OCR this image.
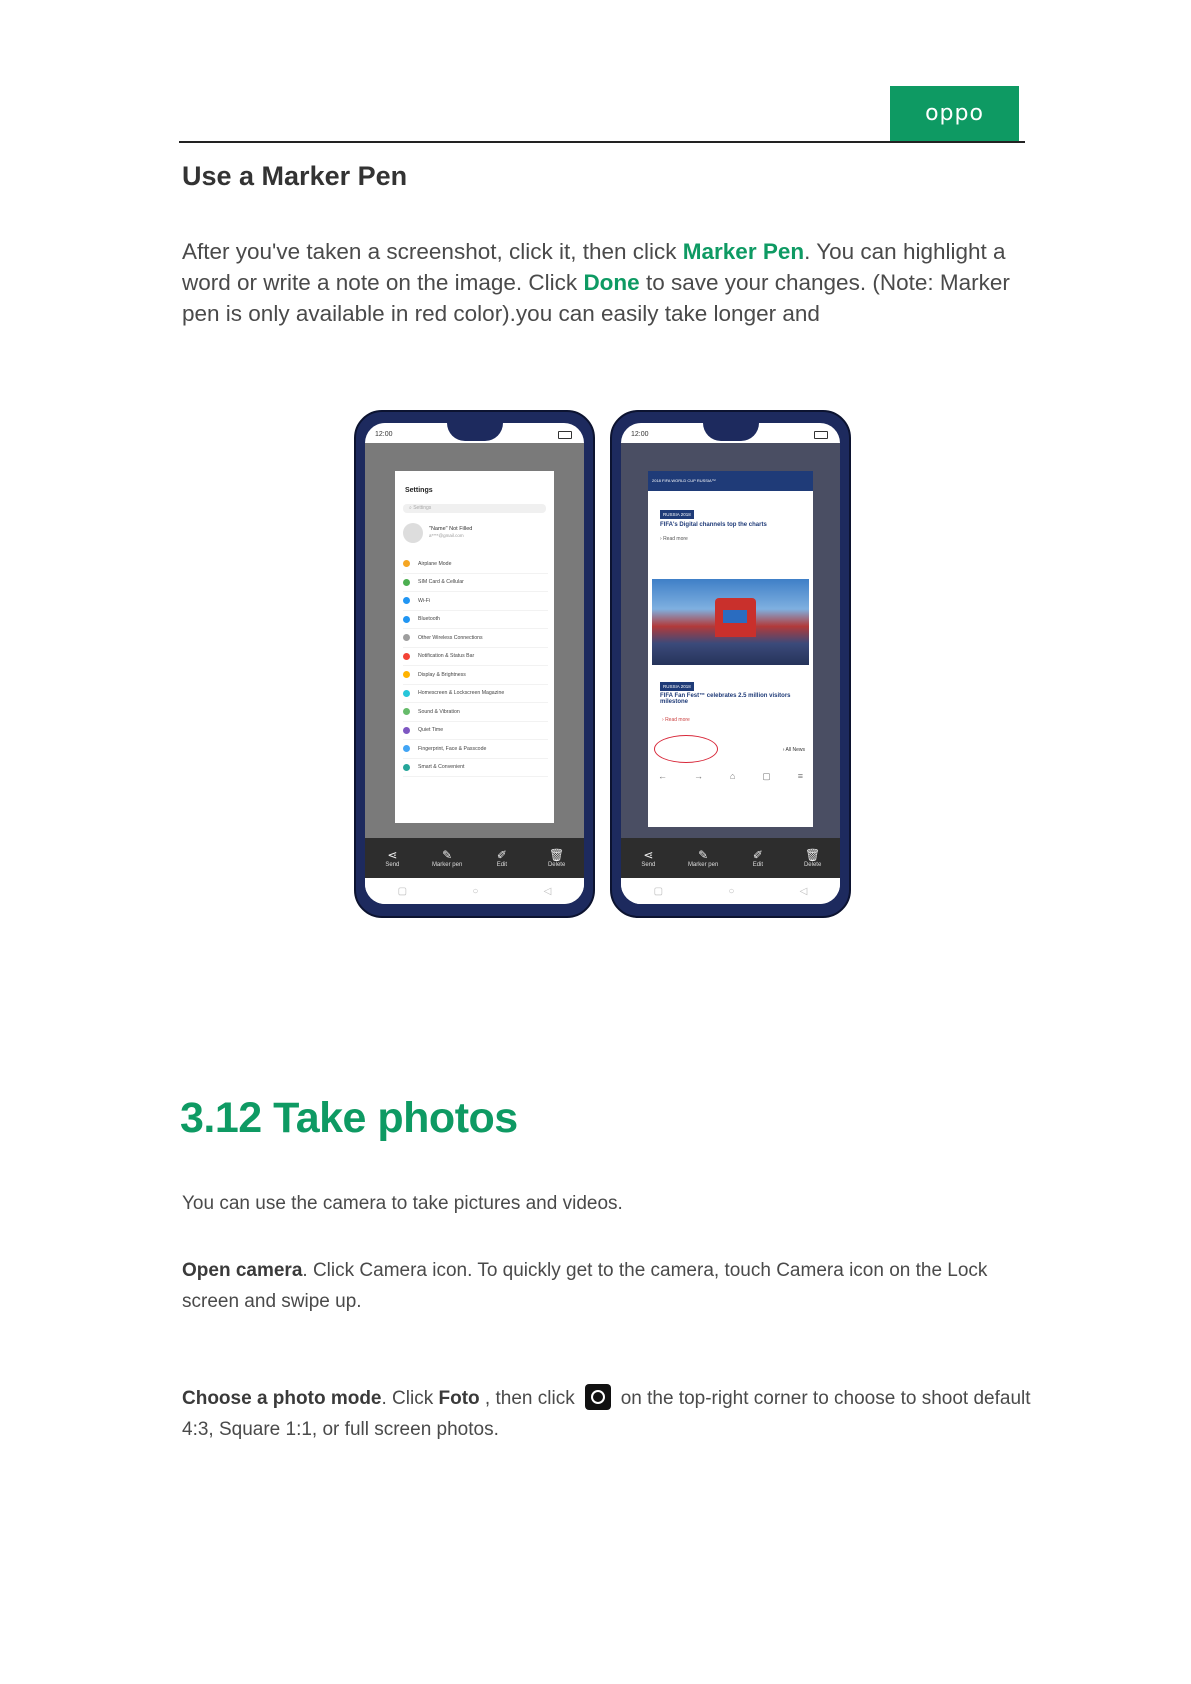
oppo
Use a Marker Pen

After you've taken a screenshot, click it, then click Marker Pen. You can highlight a word or write a note on the image. Click Done to save your changes. (Note: Marker pen is only available in red color).you can easily take longer and

12:00
Settings
⌕ Settings
"Name" Not Filled
a****@gmail.com
Airplane Mode
SIM Card & Cellular
Wi-Fi
Bluetooth
Other Wireless Connections
Notification & Status Bar
Display & Brightness
Homescreen & Lockscreen Magazine
Sound & Vibration
Quiet Time
Fingerprint, Face & Passcode
Smart & Convenient
⋖
Send
✎
Marker pen
✐
Edit
🗑
Delete
▢	○	◁
12:00
2018 FIFA WORLD CUP RUSSIA™
RUSSIA 2018
FIFA's Digital channels top the charts
› Read more
RUSSIA 2018
FIFA Fan Fest™ celebrates 2.5 million visitors milestone
› Read more
› All News
←	→	⌂	▢	≡
⋖
Send
✎
Marker pen
✐
Edit
🗑
Delete
▢	○	◁
3.12 Take photos

You can use the camera to take pictures and videos.

Open camera. Click Camera icon. To quickly get to the camera, touch Camera icon on the Lock screen and swipe up.

Choose a photo mode. Click Foto , then click on the top-right corner to choose to shoot default 4:3, Square 1:1, or full screen photos.
